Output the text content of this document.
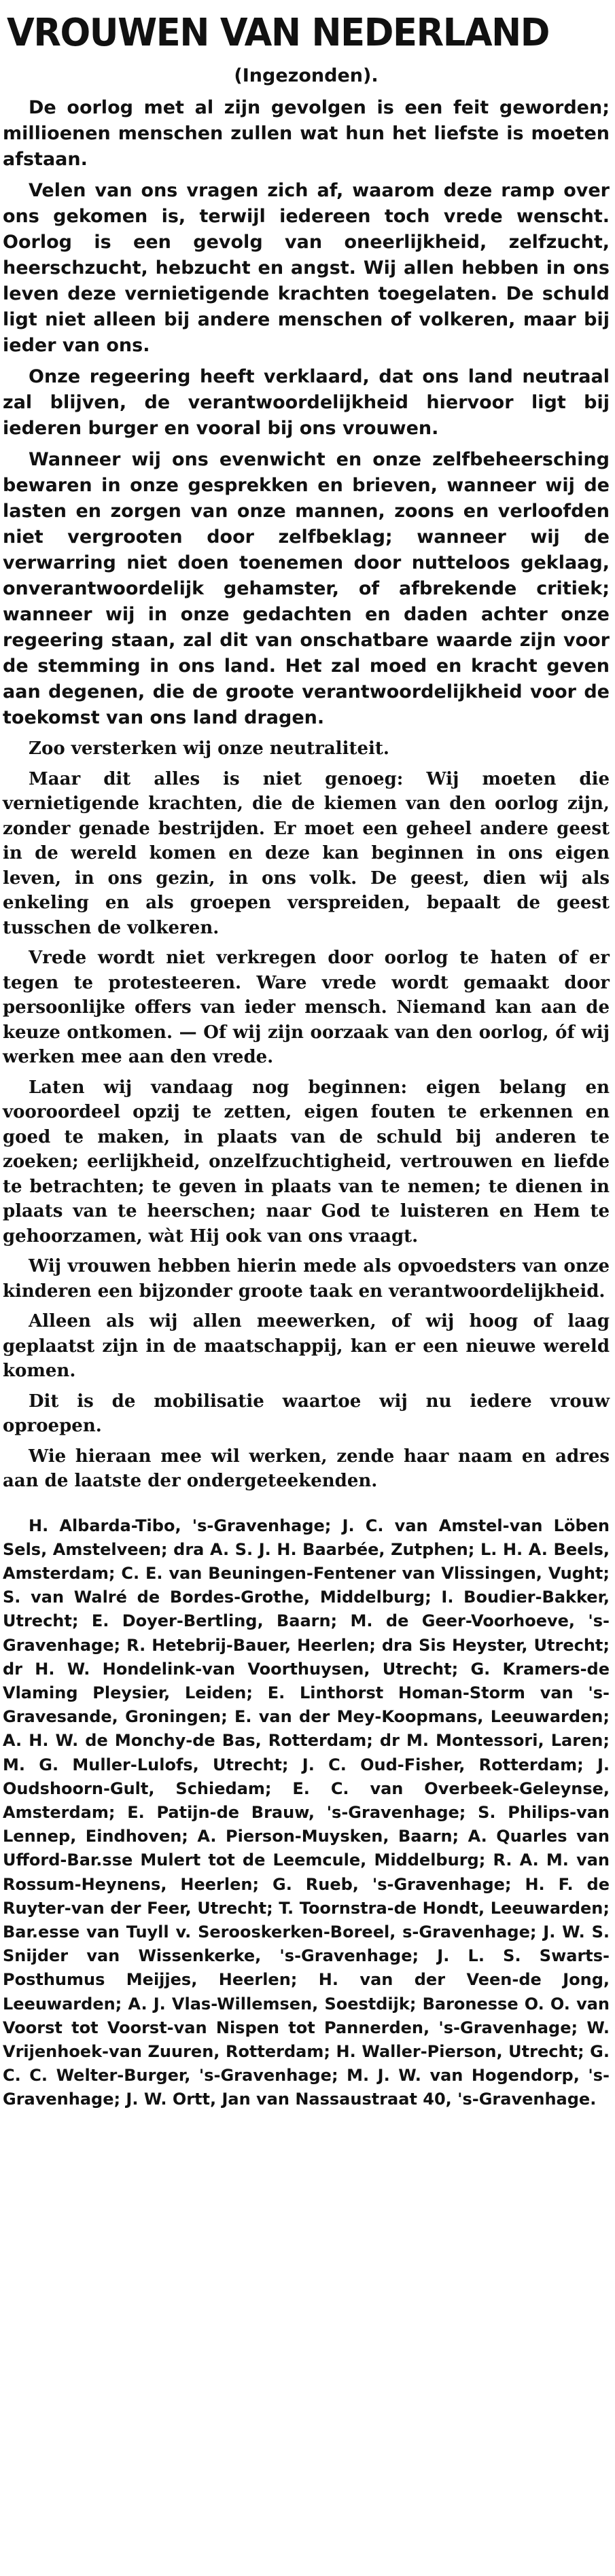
VROUWEN VAN NEDERLAND
(Ingezonden).

De oorlog met al zijn gevolgen is een feit geworden; millioenen menschen zullen wat hun het liefste is moeten afstaan.

Velen van ons vragen zich af, waarom deze ramp over ons gekomen is, terwijl iedereen toch vrede wenscht. Oorlog is een gevolg van oneerlijkheid, zelfzucht, heerschzucht, hebzucht en angst. Wij allen hebben in ons leven deze vernietigende krachten toegelaten. De schuld ligt niet alleen bij andere menschen of volkeren, maar bij ieder van ons.

Onze regeering heeft verklaard, dat ons land neutraal zal blijven, de verantwoordelijkheid hiervoor ligt bij iederen burger en vooral bij ons vrouwen.

Wanneer wij ons evenwicht en onze zelfbeheersching bewaren in onze gesprekken en brieven, wanneer wij de lasten en zorgen van onze mannen, zoons en verloofden niet vergrooten door zelfbeklag; wanneer wij de verwarring niet doen toenemen door nutteloos geklaag, onverantwoordelijk gehamster, of afbrekende critiek; wanneer wij in onze gedachten en daden achter onze regeering staan, zal dit van onschatbare waarde zijn voor de stemming in ons land. Het zal moed en kracht geven aan degenen, die de groote verantwoordelijkheid voor de toekomst van ons land dragen.

Zoo versterken wij onze neutraliteit.

Maar dit alles is niet genoeg: Wij moeten die vernietigende krachten, die de kiemen van den oorlog zijn, zonder genade bestrijden. Er moet een geheel andere geest in de wereld komen en deze kan beginnen in ons eigen leven, in ons gezin, in ons volk. De geest, dien wij als enkeling en als groepen verspreiden, bepaalt de geest tusschen de volkeren.

Vrede wordt niet verkregen door oorlog te haten of er tegen te protesteeren. Ware vrede wordt gemaakt door persoonlijke offers van ieder mensch. Niemand kan aan de keuze ontkomen. — Of wij zijn oorzaak van den oorlog, óf wij werken mee aan den vrede.

Laten wij vandaag nog beginnen: eigen belang en vooroordeel opzij te zetten, eigen fouten te erkennen en goed te maken, in plaats van de schuld bij anderen te zoeken; eerlijkheid, onzelfzuchtigheid, vertrouwen en liefde te betrachten; te geven in plaats van te nemen; te dienen in plaats van te heerschen; naar God te luisteren en Hem te gehoorzamen, wàt Hij ook van ons vraagt.

Wij vrouwen hebben hierin mede als opvoedsters van onze kinderen een bijzonder groote taak en verantwoordelijkheid.

Alleen als wij allen meewerken, of wij hoog of laag geplaatst zijn in de maatschappij, kan er een nieuwe wereld komen.

Dit is de mobilisatie waartoe wij nu iedere vrouw oproepen.

Wie hieraan mee wil werken, zende haar naam en adres aan de laatste der ondergeteekenden.

H. Albarda-Tibo, 's-Gravenhage; J. C. van Amstel-van Löben Sels, Amstelveen; dra A. S. J. H. Baarbée, Zutphen; L. H. A. Beels, Amsterdam; C. E. van Beuningen-Fentener van Vlissingen, Vught; S. van Walré de Bordes-Grothe, Middelburg; I. Boudier-Bakker, Utrecht; E. Doyer-Bertling, Baarn; M. de Geer-Voorhoeve, 's-Gravenhage; R. Hetebrij-Bauer, Heerlen; dra Sis Heyster, Utrecht; dr H. W. Hondelink-van Voorthuysen, Utrecht; G. Kramers-de Vlaming Pleysier, Leiden; E. Linthorst Homan-Storm van 's-Gravesande, Groningen; E. van der Mey-Koopmans, Leeuwarden; A. H. W. de Monchy-de Bas, Rotterdam; dr M. Montessori, Laren; M. G. Muller-Lulofs, Utrecht; J. C. Oud-Fisher, Rotterdam; J. Oudshoorn-Gult, Schiedam; E. C. van Overbeek-Geleynse, Amsterdam; E. Patijn-de Brauw, 's-Gravenhage; S. Philips-van Lennep, Eindhoven; A. Pierson-Muysken, Baarn; A. Quarles van Ufford-Bar.sse Mulert tot de Leemcule, Middelburg; R. A. M. van Rossum-Heynens, Heerlen; G. Rueb, 's-Gravenhage; H. F. de Ruyter-van der Feer, Utrecht; T. Toornstra-de Hondt, Leeuwarden; Bar.esse van Tuyll v. Serooskerken-Boreel, s-Gravenhage; J. W. S. Snijder van Wissenkerke, 's-Gravenhage; J. L. S. Swarts-Posthumus Meijjes, Heerlen; H. van der Veen-de Jong, Leeuwarden; A. J. Vlas-Willemsen, Soestdijk; Baronesse O. O. van Voorst tot Voorst-van Nispen tot Pannerden, 's-Gravenhage; W. Vrijenhoek-van Zuuren, Rotterdam; H. Waller-Pierson, Utrecht; G. C. C. Welter-Burger, 's-Gravenhage; M. J. W. van Hogendorp, 's-Gravenhage; J. W. Ortt, Jan van Nassaustraat 40, 's-Gravenhage.
